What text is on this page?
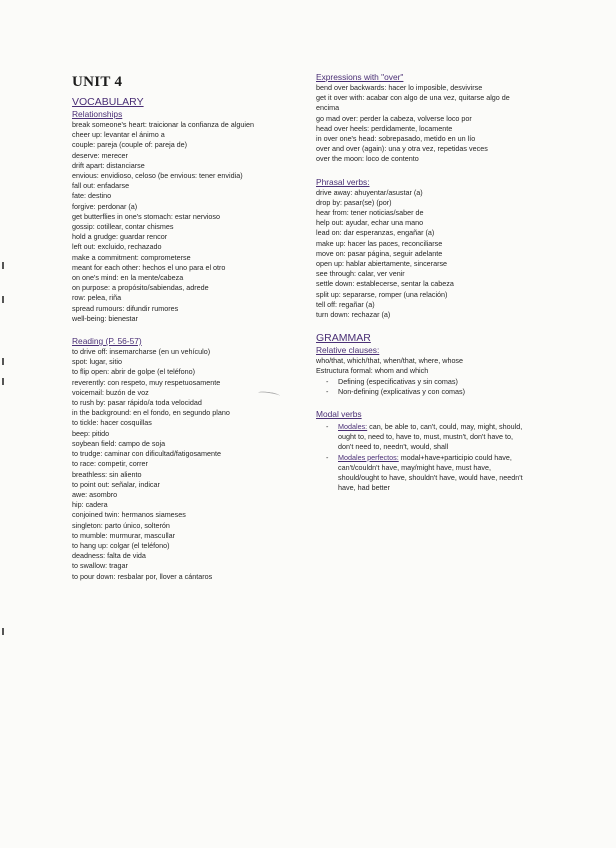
UNIT 4
VOCABULARY
Relationships

break someone's heart: traicionar la confianza de alguien

cheer up: levantar el ánimo a

couple: pareja (couple of: pareja de)

deserve: merecer

drift apart: distanciarse

envious: envidioso, celoso (be envious: tener envidia)

fall out: enfadarse

fate: destino

forgive: perdonar (a)

get butterflies in one's stomach: estar nervioso

gossip: cotillear, contar chismes

hold a grudge: guardar rencor

left out: excluido, rechazado

make a commitment: comprometerse

meant for each other: hechos el uno para el otro

on one's mind: en la mente/cabeza

on purpose: a propósito/sabiendas, adrede

row: pelea, riña

spread rumours: difundir rumores

well-being: bienestar

Reading (P. 56-57)

to drive off: insemarcharse (en un vehículo)

spot: lugar, sitio

to flip open: abrir de golpe (el teléfono)

reverently: con respeto, muy respetuosamente

voicemail: buzón de voz

to rush by: pasar rápido/a toda velocidad

in the background: en el fondo, en segundo plano

to tickle: hacer cosquillas

beep: pitido

soybean field: campo de soja

to trudge: caminar con dificultad/fatigosamente

to race: competir, correr

breathless: sin aliento

to point out: señalar, indicar

awe: asombro

hip: cadera

conjoined twin: hermanos siameses

singleton: parto único, solterón

to mumble: murmurar, mascullar

to hang up: colgar (el teléfono)

deadness: falta de vida

to swallow: tragar

to pour down: resbalar por, llover a cántaros

Expressions with "over"

bend over backwards: hacer lo imposible, desvivirse

get it over with: acabar con algo de una vez, quitarse algo de encima

go mad over: perder la cabeza, volverse loco por

head over heels: perdidamente, locamente

in over one's head: sobrepasado, metido en un lío

over and over (again): una y otra vez, repetidas veces

over the moon: loco de contento

Phrasal verbs:

drive away: ahuyentar/asustar (a)

drop by: pasar(se) (por)

hear from: tener noticias/saber de

help out: ayudar, echar una mano

lead on: dar esperanzas, engañar (a)

make up: hacer las paces, reconciliarse

move on: pasar página, seguir adelante

open up: hablar abiertamente, sincerarse

see through: calar, ver venir

settle down: establecerse, sentar la cabeza

split up: separarse, romper (una relación)

tell off: regañar (a)

turn down: rechazar (a)

GRAMMAR
Relative clauses:

who/that, which/that, when/that, where, whose

Estructura formal: whom and which

- Defining (especificativas y sin comas)
- Non-defining (explicativas y con comas)
Modal verbs
- Modales: can, be able to, can't, could, may, might, should, ought to, need to, have to, must, mustn't, don't have to, don't need to, needn't, would, shall
- Modales perfectos: modal+have+participio could have, can't/couldn't have, may/might have, must have, should/ought to have, shouldn't have, would have, needn't have, had better
